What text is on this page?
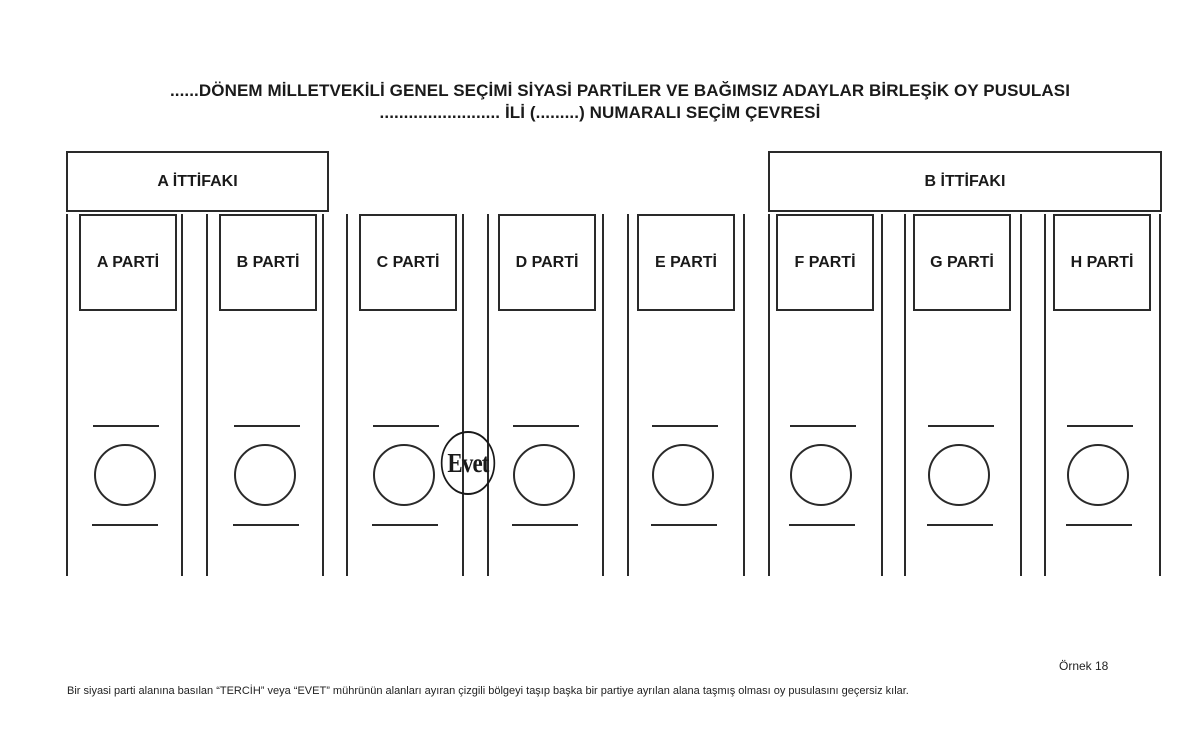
......DÖNEM MİLLETVEKİLİ GENEL SEÇİMİ SİYASİ PARTİLER VE BAĞIMSIZ ADAYLAR BİRLEŞİK OY PUSULASI
......................... İLİ (.........) NUMARALI SEÇİM ÇEVRESİ
A İTTİFAKI	B İTTİFAKI
A PARTİ	B PARTİ	C PARTİ	D PARTİ	E PARTİ	F PARTİ	G PARTİ	H PARTİ
Evet
Örnek 18
Bir siyasi parti alanına basılan “TERCİH” veya “EVET” mührünün alanları ayıran çizgili bölgeyi taşıp başka bir partiye ayrılan alana taşmış olması oy pusulasını geçersiz kılar.
